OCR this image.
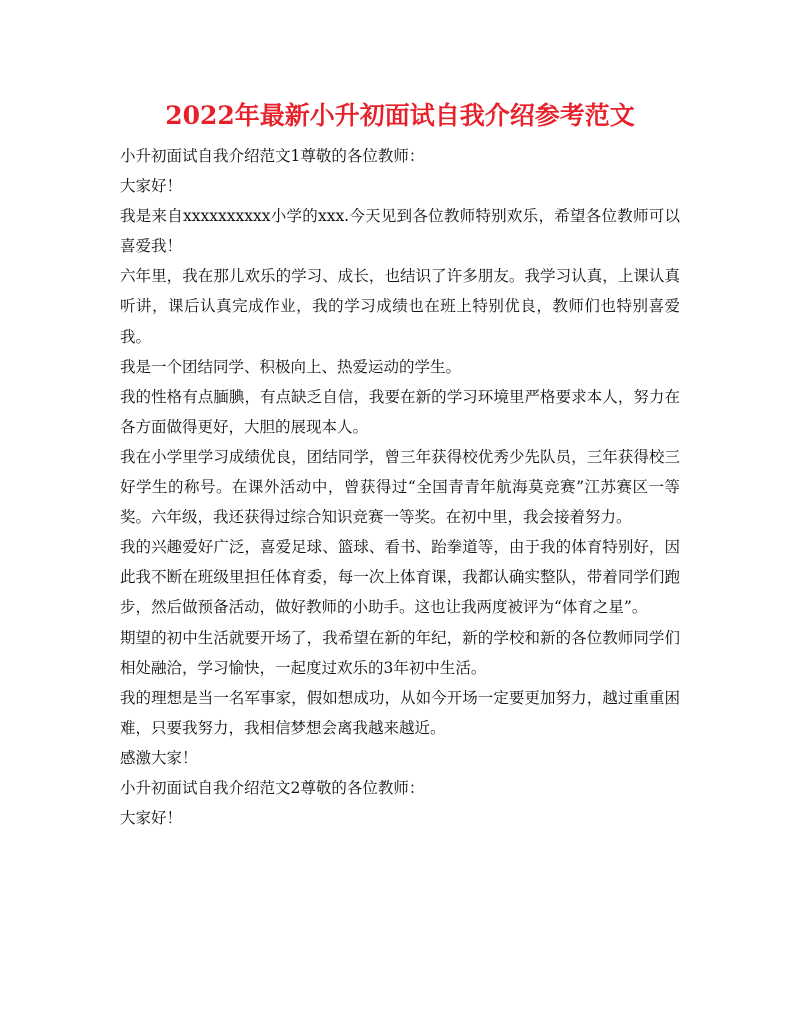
2022年最新小升初面试自我介绍参考范文

小升初面试自我介绍范文1尊敬的各位教师：

大家好！

我是来自xxxxxxxxxx小学的xxx.今天见到各位教师特别欢乐，希望各位教师可以喜爱我！

六年里，我在那儿欢乐的学习、成长，也结识了许多朋友。我学习认真，上课认真听讲，课后认真完成作业，我的学习成绩也在班上特别优良，教师们也特别喜爱我。

我是一个团结同学、积极向上、热爱运动的学生。

我的性格有点腼腆，有点缺乏自信，我要在新的学习环境里严格要求本人，努力在各方面做得更好，大胆的展现本人。

我在小学里学习成绩优良，团结同学，曾三年获得校优秀少先队员，三年获得校三好学生的称号。在课外活动中，曾获得过“全国青青年航海莫竞赛”江苏赛区一等奖。六年级，我还获得过综合知识竞赛一等奖。在初中里，我会接着努力。

我的兴趣爱好广泛，喜爱足球、篮球、看书、跆拳道等，由于我的体育特别好，因此我不断在班级里担任体育委，每一次上体育课，我都认确实整队，带着同学们跑步，然后做预备活动，做好教师的小助手。这也让我两度被评为“体育之星”。

期望的初中生活就要开场了，我希望在新的年纪，新的学校和新的各位教师同学们相处融洽，学习愉快，一起度过欢乐的3年初中生活。

我的理想是当一名军事家，假如想成功，从如今开场一定要更加努力，越过重重困难，只要我努力，我相信梦想会离我越来越近。

感激大家！

小升初面试自我介绍范文2尊敬的各位教师：

大家好！
